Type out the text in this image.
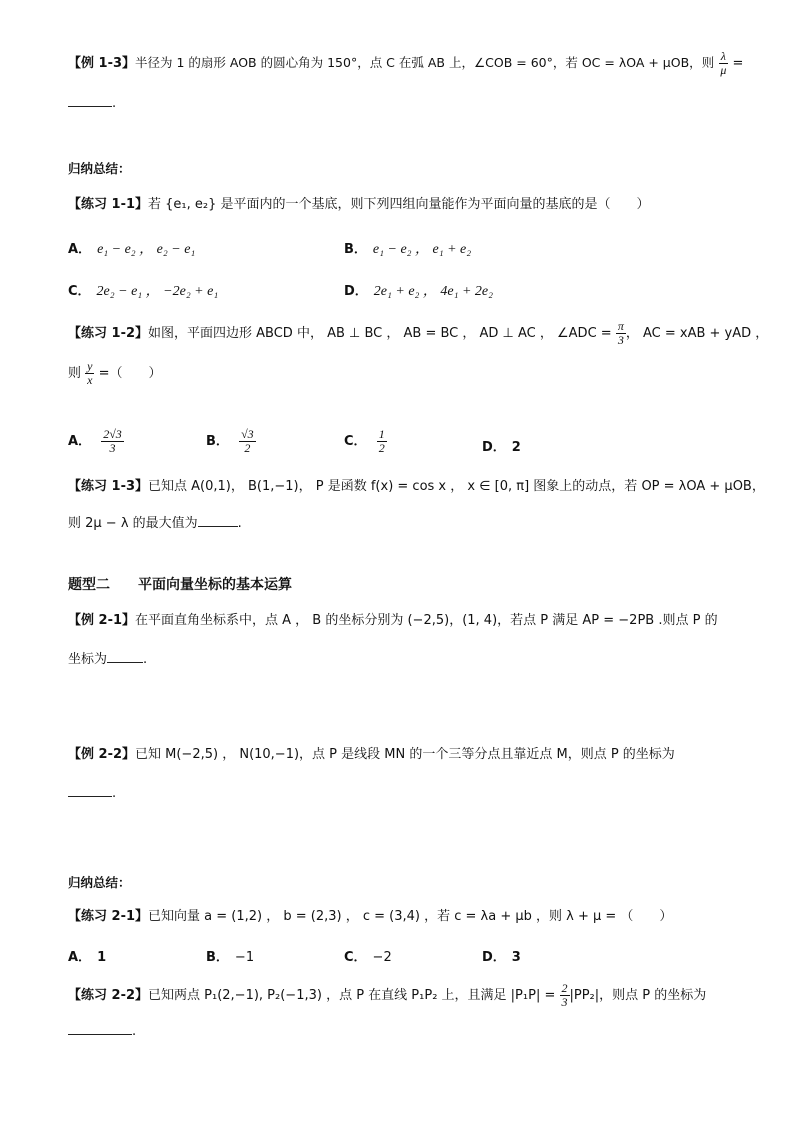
【例 1-3】半径为 1 的扇形 AOB 的圆心角为 150°，点 C 在弧 AB 上，∠COB = 60°，若 OC = λOA + μOB，则 $\frac{\lambda}{\mu}$ =
.
归纳总结：
【练习 1-1】若 {e₁, e₂} 是平面内的一个基底，则下列四组向量能作为平面向量的基底的是（　　）
A． e₁ − e₂ ， e₂ − e₁	B． e₁ − e₂ ， e₁ + e₂
C． 2e₂ − e₁ ， −2e₂ + e₁	D． 2e₁ + e₂ ， 4e₁ + 2e₂
【练习 1-2】如图，平面四边形 ABCD 中， AB ⊥ BC ， AB = BC ， AD ⊥ AC ， ∠ADC = $\frac{\pi}{3}$ ， AC = xAB + yAD ，
则 $\frac{y}{x}$ =（　　）
A． $\frac{2√3}{3}$	B． $\frac{√3}{2}$	C． $\frac{1}{2}$	D． 2
【练习 1-3】已知点 A(0,1)， B(1,−1)， P 是函数 f(x) = cos x ， x ∈ [0, π] 图象上的动点，若 OP = λOA + μOB，
则 2μ − λ 的最大值为	.
题型二　　平面向量坐标的基本运算
【例 2-1】在平面直角坐标系中，点 A ， B 的坐标分别为 (−2,5)，(1, 4)，若点 P 满足 AP = −2PB .则点 P 的
坐标为	.
【例 2-2】已知 M(−2,5) ， N(10,−1)，点 P 是线段 MN 的一个三等分点且靠近点 M，则点 P 的坐标为
.
归纳总结：
【练习 2-1】已知向量 a = (1,2) ， b = (2,3) ， c = (3,4) ，若 c = λa + μb ，则 λ + μ = （　　）
A． 1	B． −1	C． −2	D． 3
【练习 2-2】已知两点 P₁(2,−1), P₂(−1,3) ，点 P 在直线 P₁P₂ 上，且满足 $|P_1P| = \frac{2}{3} |PP_2|$，则点 P 的坐标为
.
